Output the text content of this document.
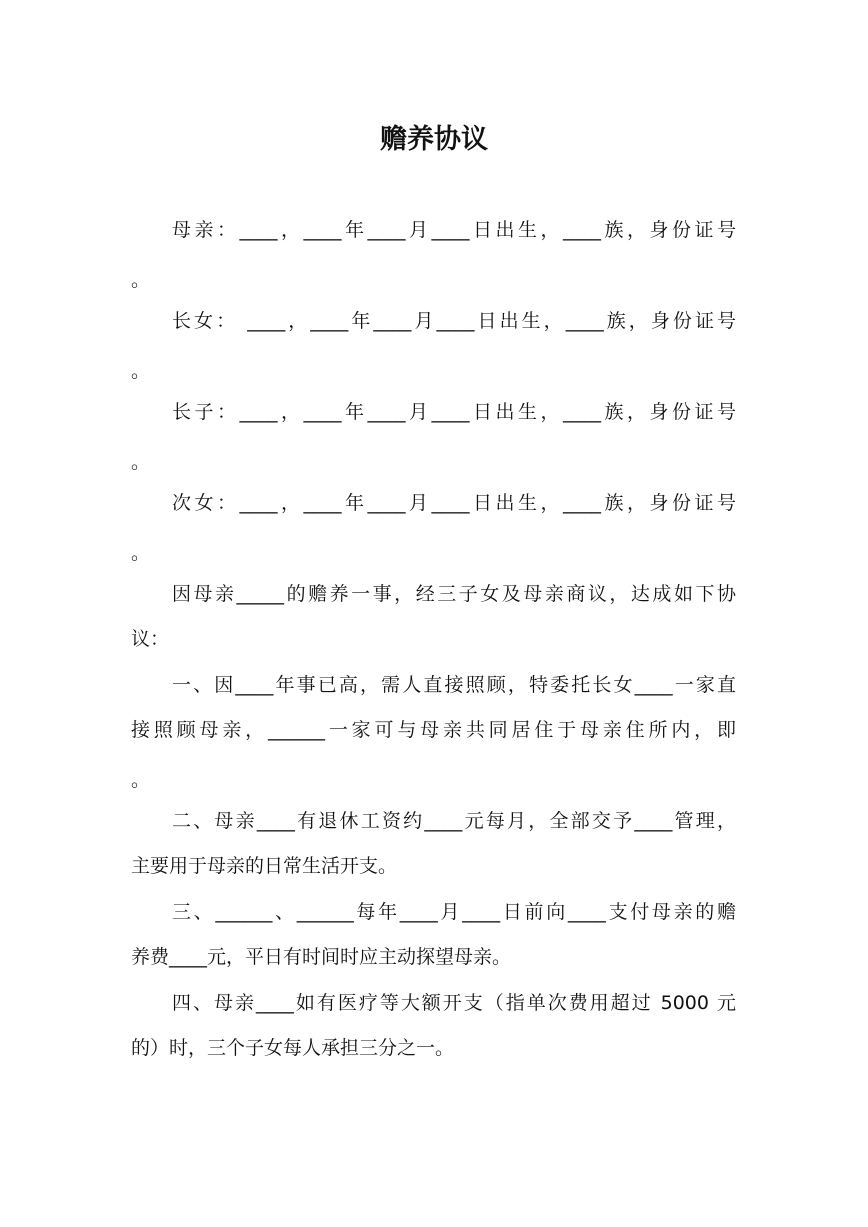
赡养协议
母亲：____，____年____月____日出生，____族，身份证号
。
长女： ____，____年____月____日出生，____族，身份证号
。
长子：____，____年____月____日出生，____族，身份证号
。
次女：____，____年____月____日出生，____族，身份证号
。
因母亲_____的赡养一事，经三子女及母亲商议，达成如下协
议：
一、因____年事已高，需人直接照顾，特委托长女____一家直
接照顾母亲，______一家可与母亲共同居住于母亲住所内，即
。
二、母亲____有退休工资约____元每月，全部交予____管理，
主要用于母亲的日常生活开支。
三、______、______每年____月____日前向____支付母亲的赡
养费____元，平日有时间时应主动探望母亲。
四、母亲____如有医疗等大额开支（指单次费用超过 5000 元
的）时，三个子女每人承担三分之一。
